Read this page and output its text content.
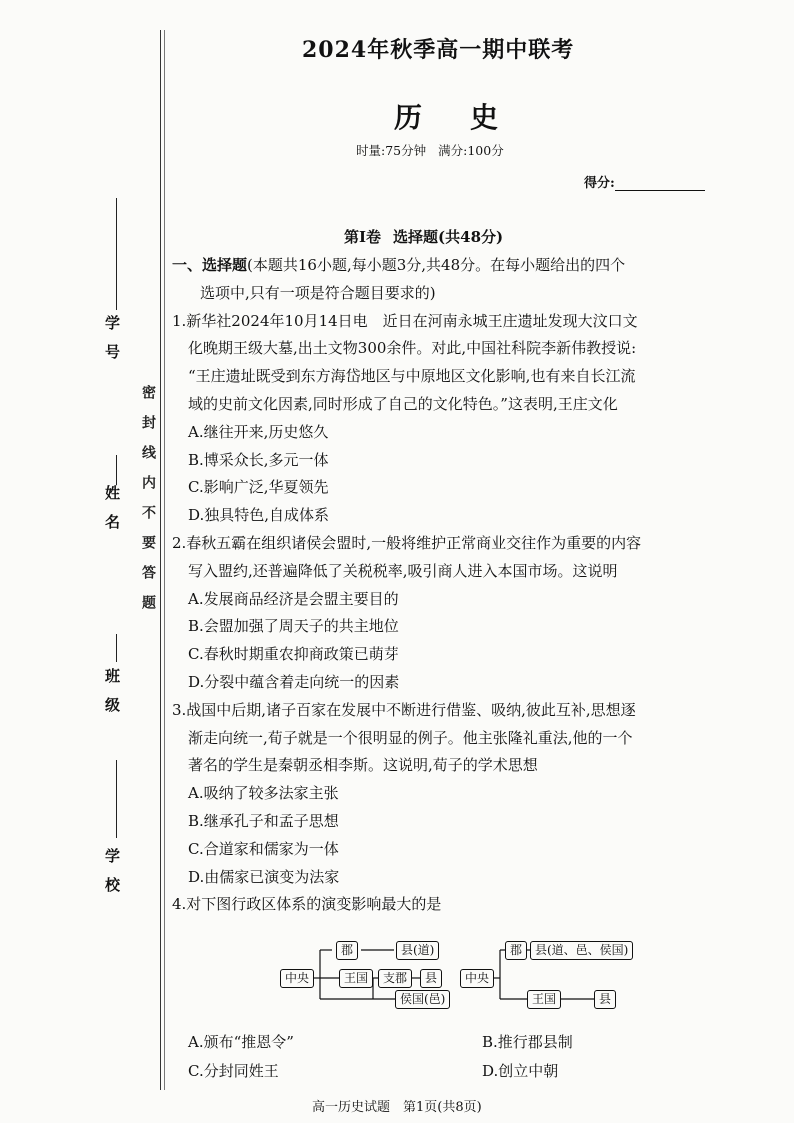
学校
班级
姓名
学号
密封线内不要答题
2024年秋季高一期中联考
历史
时量:75分钟 满分:100分
得分:
第Ⅰ卷 选择题(共48分)

一、选择题(本题共16小题,每小题3分,共48分。在每小题给出的四个

选项中,只有一项是符合题目要求的)

1.新华社2024年10月14日电　近日在河南永城王庄遗址发现大汶口文

化晚期王级大墓,出土文物300余件。对此,中国社科院李新伟教授说:

“王庄遗址既受到东方海岱地区与中原地区文化影响,也有来自长江流

域的史前文化因素,同时形成了自己的文化特色。”这表明,王庄文化

A.继往开来,历史悠久

B.博采众长,多元一体

C.影响广泛,华夏领先

D.独具特色,自成体系

2.春秋五霸在组织诸侯会盟时,一般将维护正常商业交往作为重要的内容

写入盟约,还普遍降低了关税税率,吸引商人进入本国市场。这说明

A.发展商品经济是会盟主要目的

B.会盟加强了周天子的共主地位

C.春秋时期重农抑商政策已萌芽

D.分裂中蕴含着走向统一的因素

3.战国中后期,诸子百家在发展中不断进行借鉴、吸纳,彼此互补,思想逐

渐走向统一,荀子就是一个很明显的例子。他主张隆礼重法,他的一个

著名的学生是秦朝丞相李斯。这说明,荀子的学术思想

A.吸纳了较多法家主张

B.继承孔子和孟子思想

C.合道家和儒家为一体

D.由儒家已演变为法家

4.对下图行政区体系的演变影响最大的是

中央
郡	县(道)
王国	支郡	县
侯国(邑)
中央
郡	县(道、邑、侯国)
王国	县
A.颁布“推恩令”	B.推行郡县制
C.分封同姓王	D.创立中朝
高一历史试题　第1页(共8页)
